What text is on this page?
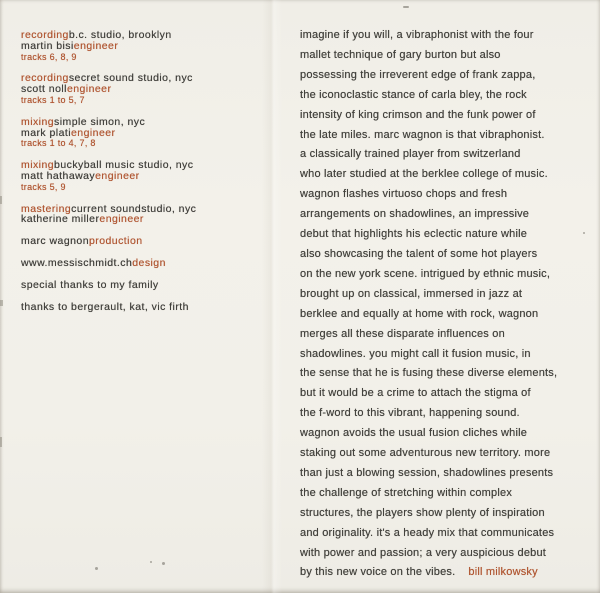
recordingb.c. studio, brooklyn
martin bisiengineer
tracks 6, 8, 9
recordingsecret sound studio, nyc
scott nollengineer
tracks 1 to 5, 7
mixingsimple simon, nyc
mark platiengineer
tracks 1 to 4, 7, 8
mixingbuckyball music studio, nyc
matt hathawayengineer
tracks 5, 9
masteringcurrent soundstudio, nyc
katherine millerengineer
marc wagnonproduction
www.messischmidt.chdesign
special thanks to my family
thanks to bergerault, kat, vic firth
imagine if you will, a vibraphonist with the four
mallet technique of gary burton but also
possessing the irreverent edge of frank zappa,
the iconoclastic stance of carla bley, the rock
intensity of king crimson and the funk power of
the late miles. marc wagnon is that vibraphonist.
a classically trained player from switzerland
who later studied at the berklee college of music.
wagnon flashes virtuoso chops and fresh
arrangements on shadowlines, an impressive
debut that highlights his eclectic nature while
also showcasing the talent of some hot players
on the new york scene. intrigued by ethnic music,
brought up on classical, immersed in jazz at
berklee and equally at home with rock, wagnon
merges all these disparate influences on
shadowlines. you might call it fusion music, in
the sense that he is fusing these diverse elements,
but it would be a crime to attach the stigma of
the f-word to this vibrant, happening sound.
wagnon avoids the usual fusion cliches while
staking out some adventurous new territory. more
than just a blowing session, shadowlines presents
the challenge of stretching within complex
structures, the players show plenty of inspiration
and originality. it's a heady mix that communicates
with power and passion; a very auspicious debut
by this new voice on the vibes. bill milkowsky
